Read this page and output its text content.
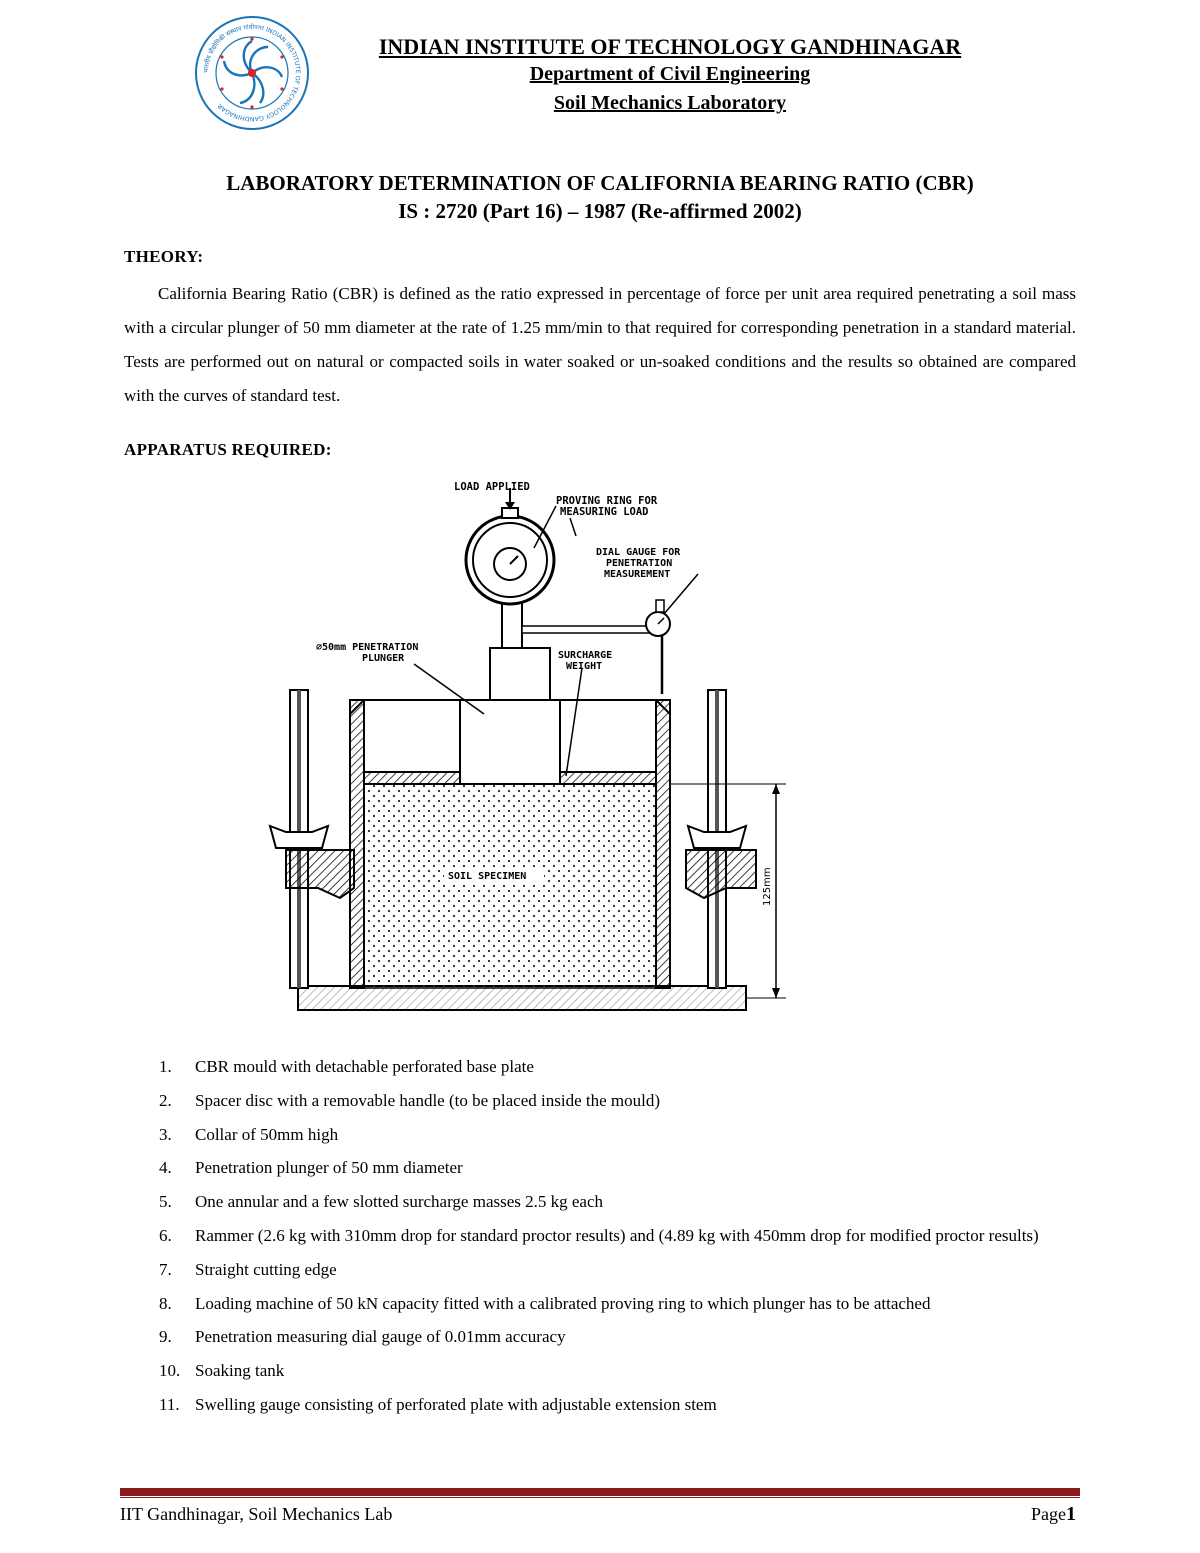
भारतीय प्रौद्योगिकी संस्थान गांधीनगर INDIAN INSTITUTE OF TECHNOLOGY GANDHINAGAR
INDIAN INSTITUTE OF TECHNOLOGY GANDHINAGAR
Department of Civil Engineering
Soil Mechanics Laboratory
LABORATORY DETERMINATION OF CALIFORNIA BEARING RATIO (CBR)
IS : 2720 (Part 16) – 1987 (Re-affirmed 2002)
THEORY:

California Bearing Ratio (CBR) is defined as the ratio expressed in percentage of force per unit area required penetrating a soil mass with a circular plunger of 50 mm diameter at the rate of 1.25 mm/min to that required for corresponding penetration in a standard material. Tests are performed out on natural or compacted soils in water soaked or un-soaked conditions and the results so obtained are compared with the curves of standard test.

APPARATUS REQUIRED:
LOAD APPLIED
PROVING RING FOR
MEASURING LOAD
DIAL GAUGE FOR
PENETRATION
MEASUREMENT
⌀50mm PENETRATION
PLUNGER	SURCHARGE
WEIGHT
SOIL SPECIMEN	125mm
1. CBR mould with detachable perforated base plate
2. Spacer disc with a removable handle (to be placed inside the mould)
3. Collar of 50mm high
4. Penetration plunger of 50 mm diameter
5. One annular and a few slotted surcharge masses 2.5 kg each
6. Rammer (2.6 kg with 310mm drop for standard proctor results) and (4.89 kg with 450mm drop for modified proctor results)
7. Straight cutting edge
8. Loading machine of 50 kN capacity fitted with a calibrated proving ring to which plunger has to be attached
9. Penetration measuring dial gauge of 0.01mm accuracy
10. Soaking tank
11. Swelling gauge consisting of perforated plate with adjustable extension stem
IIT Gandhinagar, Soil Mechanics Lab	Page1
